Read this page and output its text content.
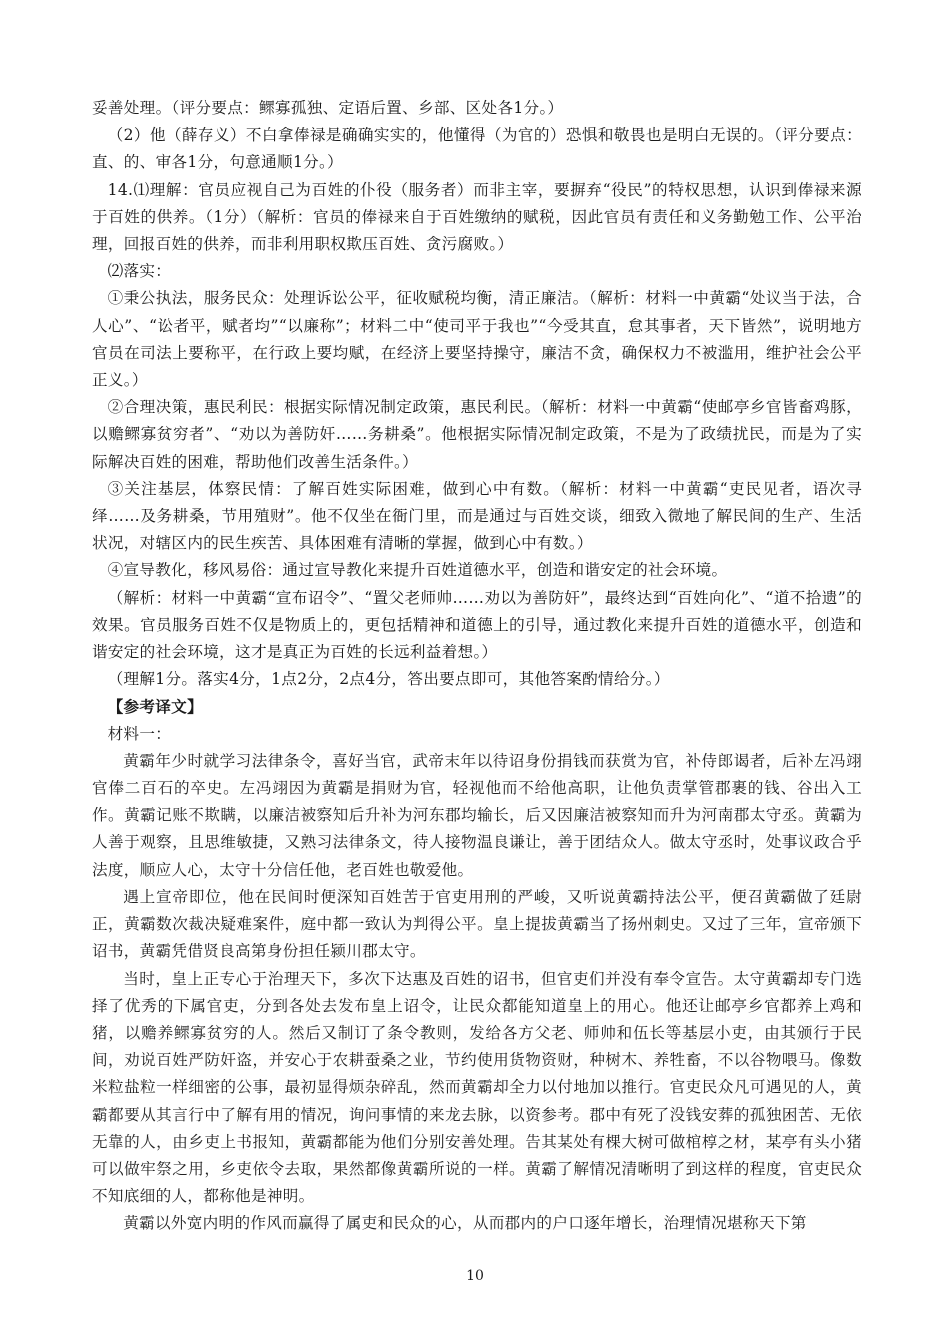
妥善处理。（评分要点：鳏寡孤独、定语后置、乡部、区处各1分。）

（2）他（薛存义）不白拿俸禄是确确实实的，他懂得（为官的）恐惧和敬畏也是明白无误的。（评分要点：直、的、审各1分，句意通顺1分。）

14.⑴理解：官员应视自己为百姓的仆役（服务者）而非主宰，要摒弃“役民”的特权思想，认识到俸禄来源于百姓的供养。（1分）（解析：官员的俸禄来自于百姓缴纳的赋税，因此官员有责任和义务勤勉工作、公平治理，回报百姓的供养，而非利用职权欺压百姓、贪污腐败。）

⑵落实：

①秉公执法，服务民众：处理诉讼公平，征收赋税均衡，清正廉洁。（解析：材料一中黄霸“处议当于法，合人心”、“讼者平，赋者均”“以廉称”；材料二中“使司平于我也”“今受其直，怠其事者，天下皆然”，说明地方官员在司法上要称平，在行政上要均赋，在经济上要坚持操守，廉洁不贪，确保权力不被滥用，维护社会公平正义。）

②合理决策，惠民利民：根据实际情况制定政策，惠民利民。（解析：材料一中黄霸“使邮亭乡官皆畜鸡豚，以赡鳏寡贫穷者”、“劝以为善防奸……务耕桑”。他根据实际情况制定政策，不是为了政绩扰民，而是为了实际解决百姓的困难，帮助他们改善生活条件。）

③关注基层，体察民情：了解百姓实际困难，做到心中有数。（解析：材料一中黄霸“吏民见者，语次寻绎……及务耕桑，节用殖财”。他不仅坐在衙门里，而是通过与百姓交谈，细致入微地了解民间的生产、生活状况，对辖区内的民生疾苦、具体困难有清晰的掌握，做到心中有数。）

④宣导教化，移风易俗：通过宣导教化来提升百姓道德水平，创造和谐安定的社会环境。

（解析：材料一中黄霸“宣布诏令”、“置父老师帅……劝以为善防奸”，最终达到“百姓向化”、“道不拾遗”的效果。官员服务百姓不仅是物质上的，更包括精神和道德上的引导，通过教化来提升百姓的道德水平，创造和谐安定的社会环境，这才是真正为百姓的长远利益着想。）

（理解1分。落实4分，1点2分，2点4分，答出要点即可，其他答案酌情给分。）

【参考译文】

材料一：

黄霸年少时就学习法律条令，喜好当官，武帝末年以待诏身份捐钱而获赏为官，补侍郎谒者，后补左冯翊官俸二百石的卒史。左冯翊因为黄霸是捐财为官，轻视他而不给他高职，让他负责掌管郡裹的钱、谷出入工作。黄霸记账不欺瞒，以廉洁被察知后升补为河东郡均输长，后又因廉洁被察知而升为河南郡太守丞。黄霸为人善于观察，且思维敏捷，又熟习法律条文，待人接物温良谦让，善于团结众人。做太守丞时，处事议政合乎法度，顺应人心，太守十分信任他，老百姓也敬爱他。

遇上宣帝即位，他在民间时便深知百姓苦于官吏用刑的严峻，又听说黄霸持法公平，便召黄霸做了廷尉正，黄霸数次裁决疑难案件，庭中都一致认为判得公平。皇上提拔黄霸当了扬州刺史。又过了三年，宣帝颁下诏书，黄霸凭借贤良高第身份担任颍川郡太守。

当时，皇上正专心于治理天下，多次下达惠及百姓的诏书，但官吏们并没有奉令宣告。太守黄霸却专门选择了优秀的下属官吏，分到各处去发布皇上诏令，让民众都能知道皇上的用心。他还让邮亭乡官都养上鸡和猪，以赡养鳏寡贫穷的人。然后又制订了条令教则，发给各方父老、师帅和伍长等基层小吏，由其颁行于民间，劝说百姓严防奸盗，并安心于农耕蚕桑之业，节约使用货物资财，种树木、养牲畜，不以谷物喂马。像数米粒盐粒一样细密的公事，最初显得烦杂碎乱，然而黄霸却全力以付地加以推行。官吏民众凡可遇见的人，黄霸都要从其言行中了解有用的情况，询问事情的来龙去脉，以资参考。郡中有死了没钱安葬的孤独困苦、无依无靠的人，由乡吏上书报知，黄霸都能为他们分别安善处理。告其某处有棵大树可做棺椁之材，某亭有头小猪可以做牢祭之用，乡吏依令去取，果然都像黄霸所说的一样。黄霸了解情况清晰明了到这样的程度，官吏民众不知底细的人，都称他是神明。

黄霸以外宽内明的作风而赢得了属吏和民众的心，从而郡内的户口逐年增长，治理情况堪称天下第

10
